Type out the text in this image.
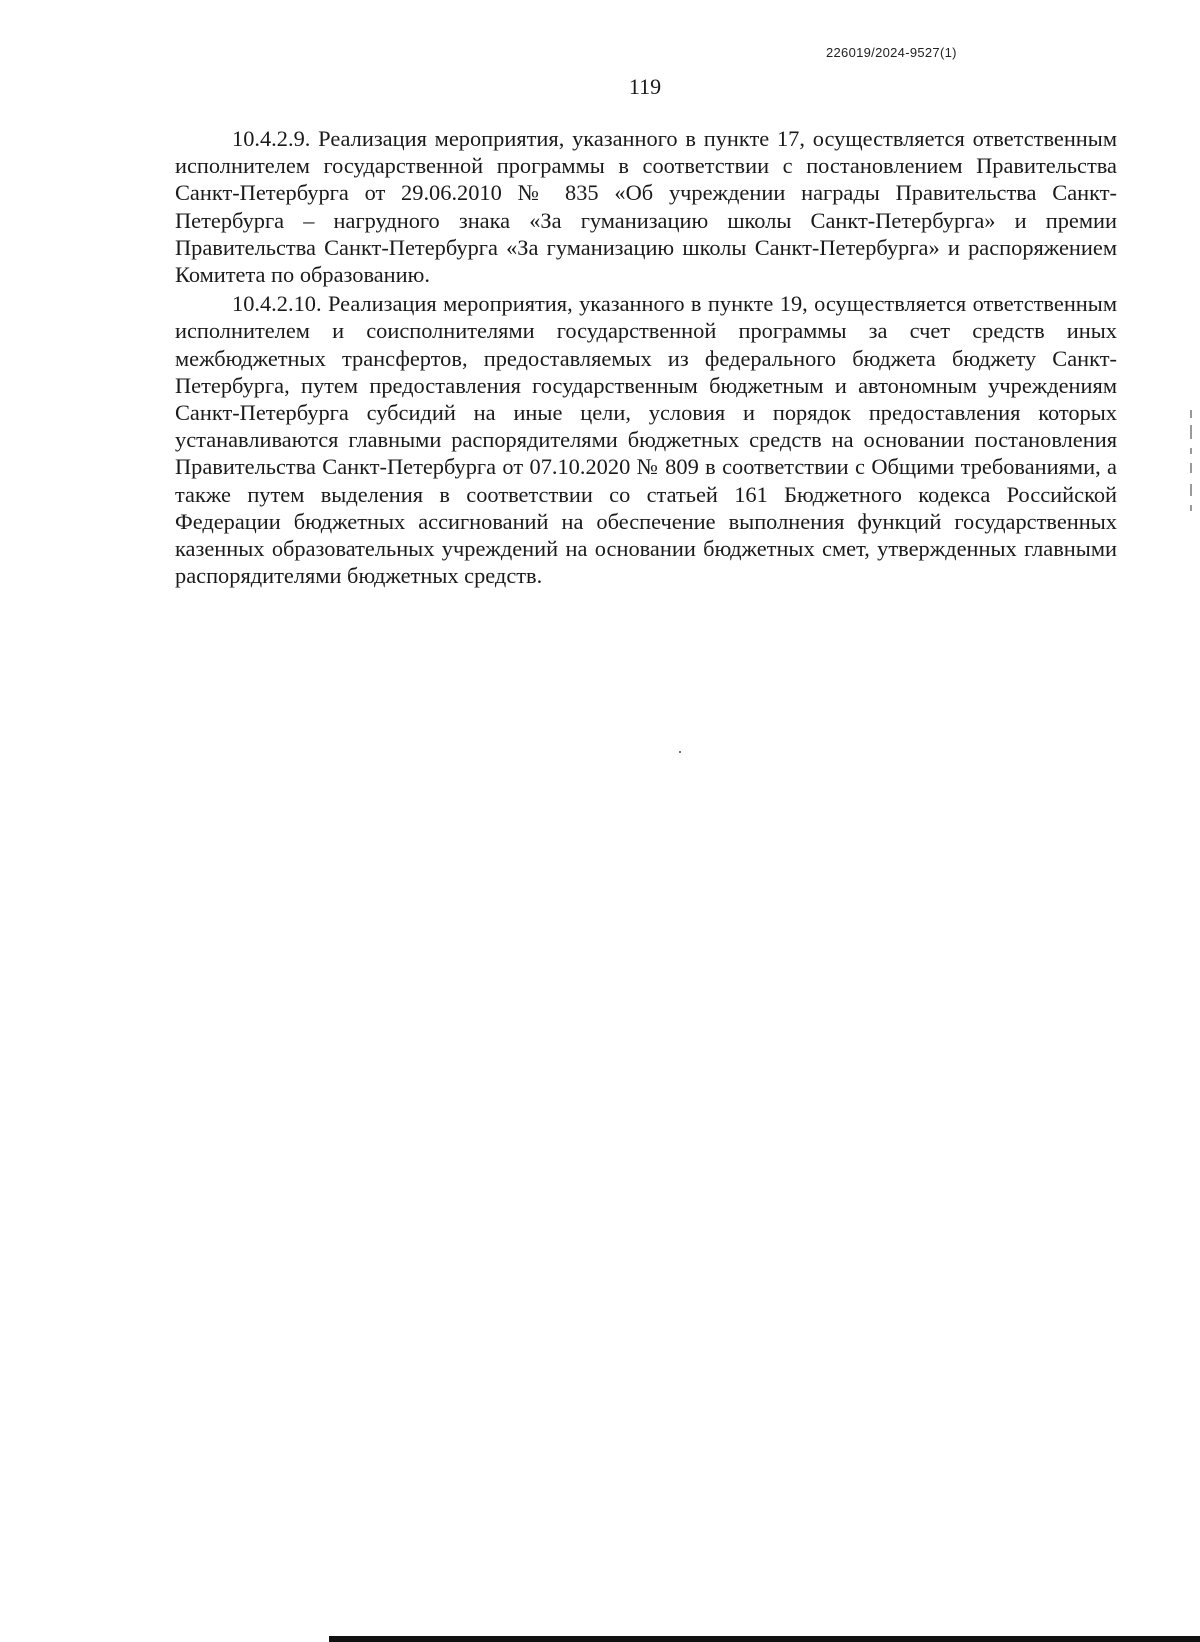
226019/2024-9527(1)
119

10.4.2.9. Реализация мероприятия, указанного в пункте 17, осуществляется ответственным исполнителем государственной программы в соответствии с постановлением Правительства Санкт-Петербурга от 29.06.2010 № 835 «Об учреждении награды Правительства Санкт-Петербурга – нагрудного знака «За гуманизацию школы Санкт-Петербурга» и премии Правительства Санкт-Петербурга «За гуманизацию школы Санкт-Петербурга» и распоряжением Комитета по образованию.

10.4.2.10. Реализация мероприятия, указанного в пункте 19, осуществляется ответственным исполнителем и соисполнителями государственной программы за счет средств иных межбюджетных трансфертов, предоставляемых из федерального бюджета бюджету Санкт-Петербурга, путем предоставления государственным бюджетным и автономным учреждениям Санкт-Петербурга субсидий на иные цели, условия и порядок предоставления которых устанавливаются главными распорядителями бюджетных средств на основании постановления Правительства Санкт-Петербурга от 07.10.2020 № 809 в соответствии с Общими требованиями, а также путем выделения в соответствии со статьей 161 Бюджетного кодекса Российской Федерации бюджетных ассигнований на обеспечение выполнения функций государственных казенных образовательных учреждений на основании бюджетных смет, утвержденных главными распорядителями бюджетных средств.
